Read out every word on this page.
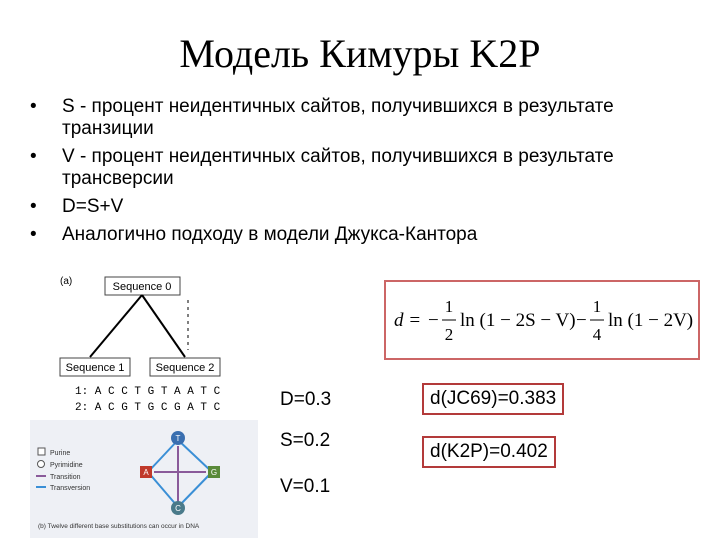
Модель Кимуры K2P
• S - процент неидентичных сайтов, получившихся в результате транзиции
• V - процент неидентичных сайтов, получившихся в результате трансверсии
• D=S+V
• Аналогично подходу в модели Джукса-Кантора
(a)	Sequence 0
Sequence 1	Sequence 2
1: A C C T G T A A T C
2: A C G T G C G A T C
Purine
Pyrimidine
Transition
Transversion
T
A	G
C
(b) Twelve different base substitutions can occur in DNA
d = −
1
2
ln (1 − 2S − V) −
1
4
ln (1 − 2V)
D=0.3
S=0.2
V=0.1
d(JC69)=0.383
d(K2P)=0.402
